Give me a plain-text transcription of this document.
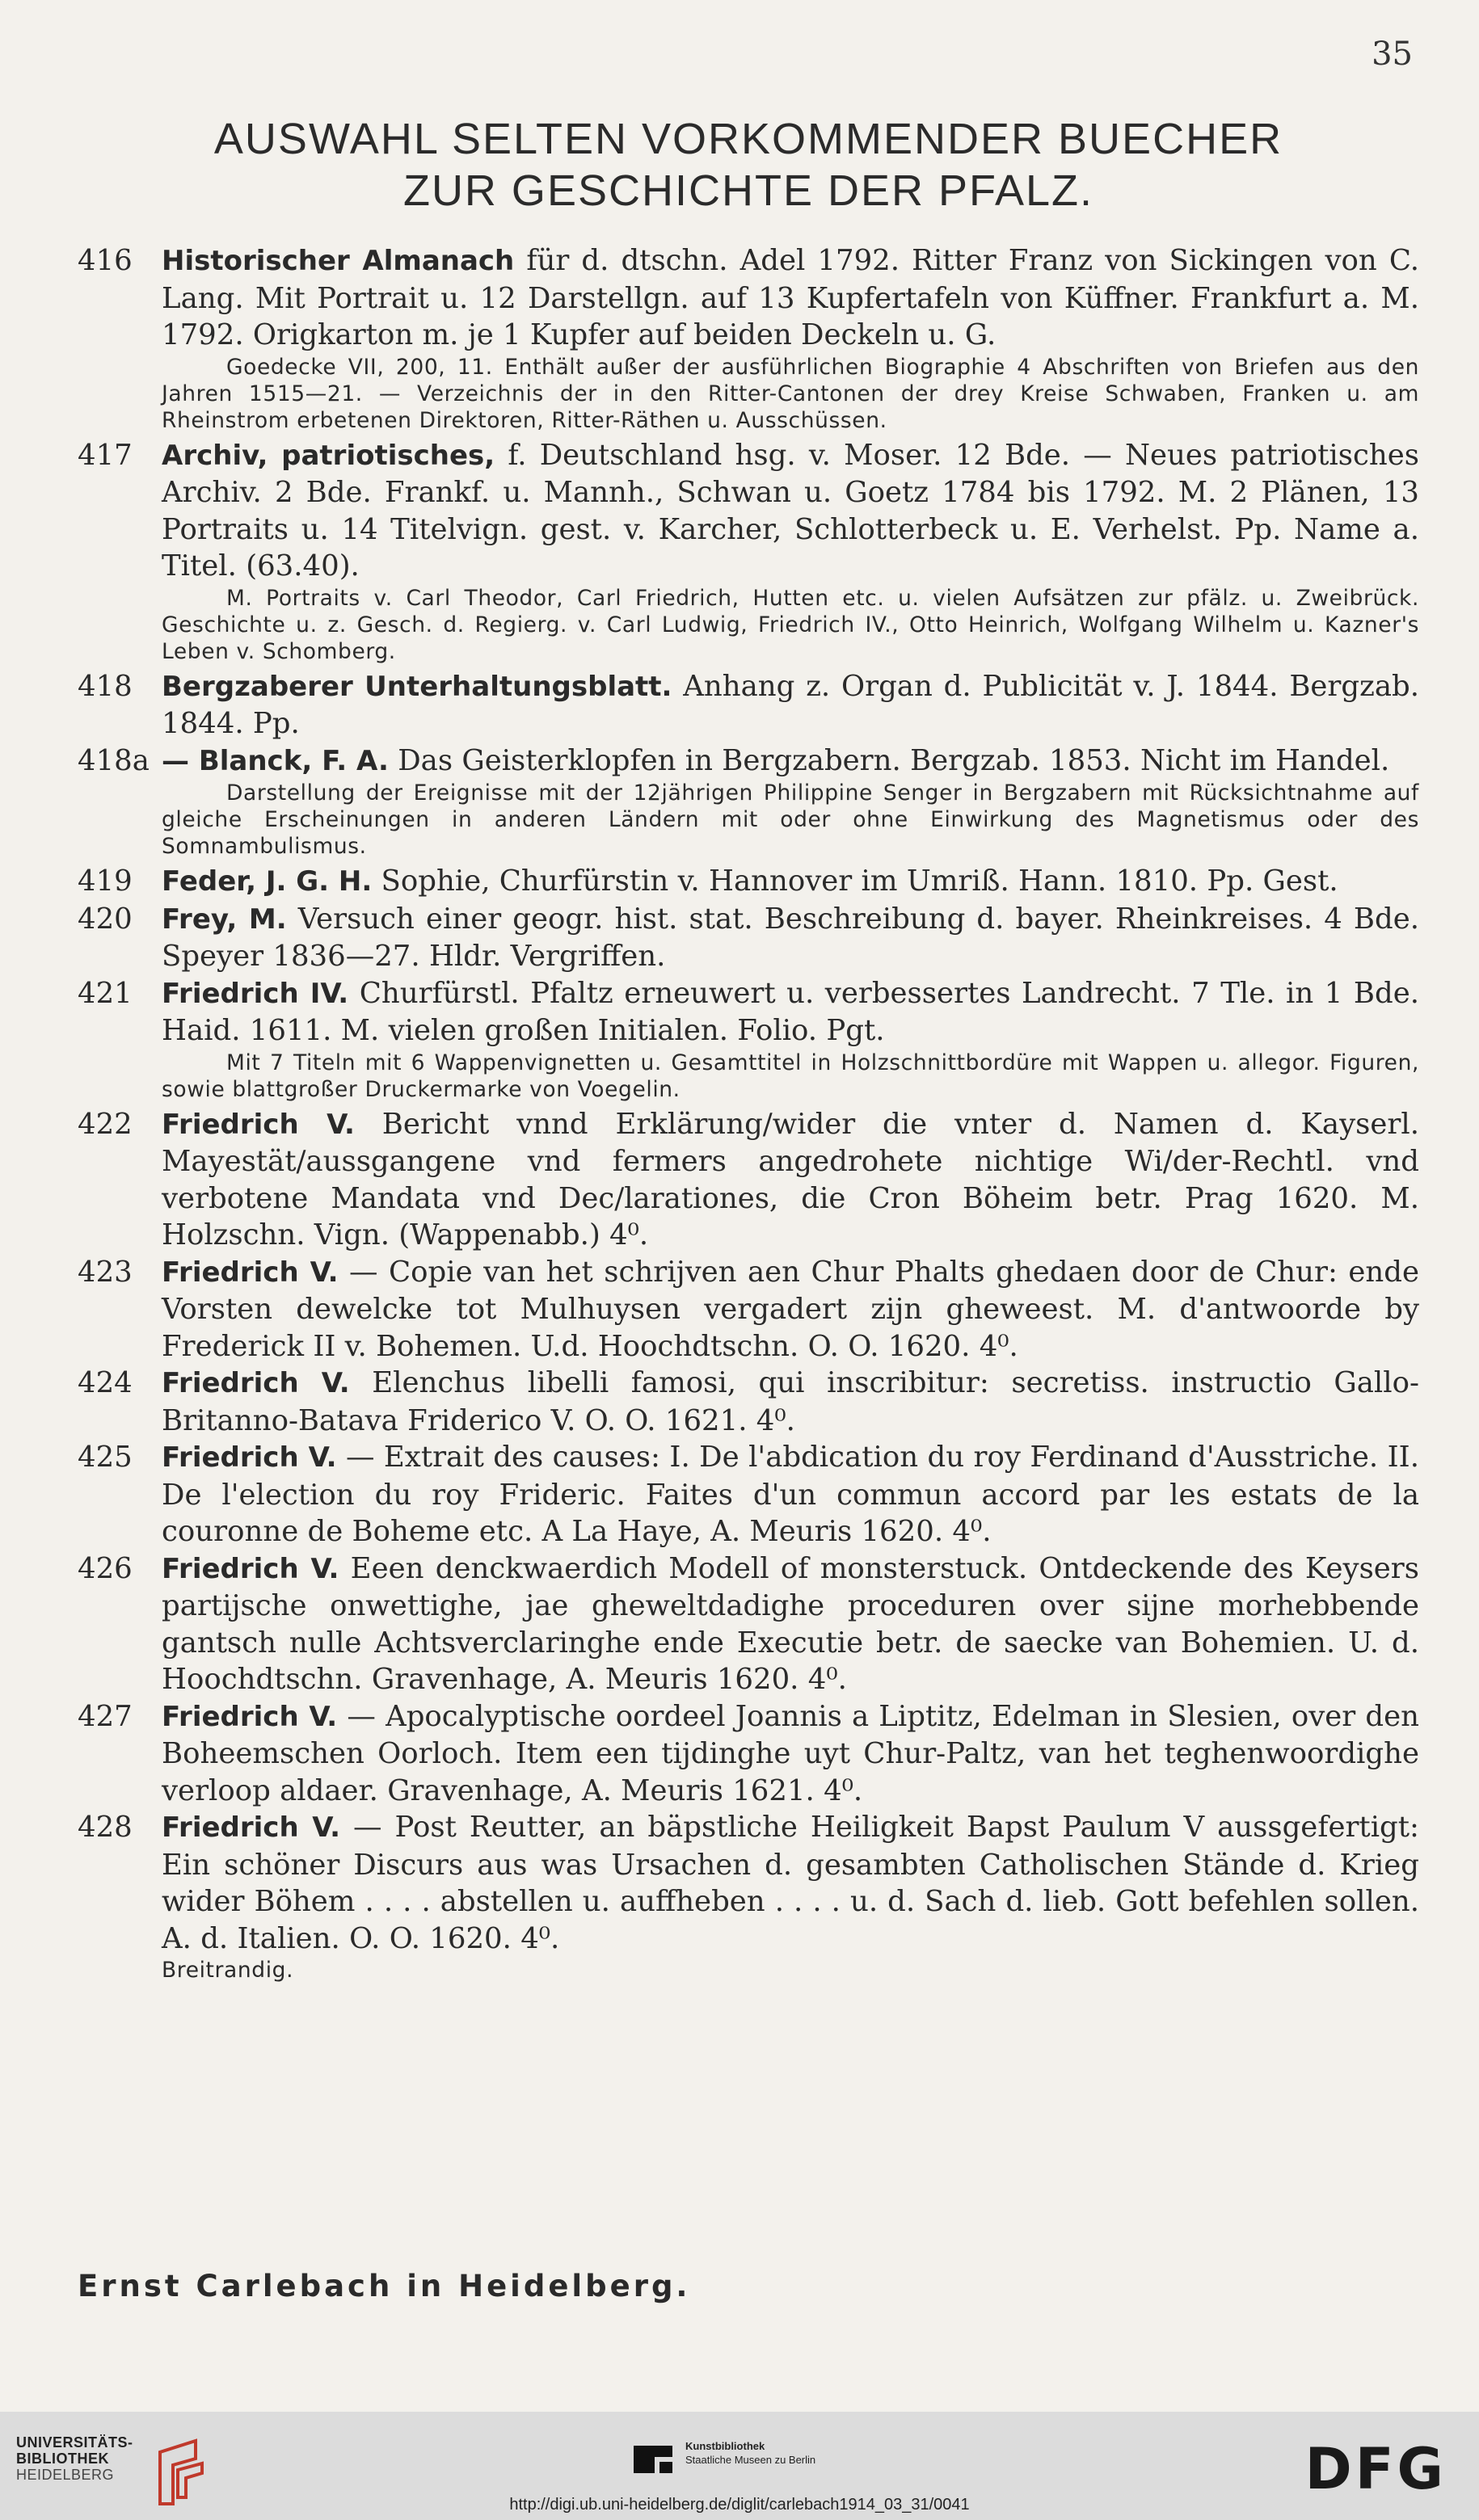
35
AUSWAHL SELTEN VORKOMMENDER BUECHER
ZUR GESCHICHTE DER PFALZ.
416 Historischer Almanach für d. dtschn. Adel 1792. Ritter Franz von Sickingen von C. Lang. Mit Portrait u. 12 Darstellgn. auf 13 Kupfertafeln von Küffner. Frankfurt a. M. 1792. Origkarton m. je 1 Kupfer auf beiden Deckeln u. G.
Goedecke VII, 200, 11. Enthält außer der ausführlichen Biographie 4 Abschriften von Briefen aus den Jahren 1515—21. — Verzeichnis der in den Ritter-Cantonen der drey Kreise Schwaben, Franken u. am Rheinstrom erbetenen Direktoren, Ritter-Räthen u. Ausschüssen.
417 Archiv, patriotisches, f. Deutschland hsg. v. Moser. 12 Bde. — Neues patriotisches Archiv. 2 Bde. Frankf. u. Mannh., Schwan u. Goetz 1784 bis 1792. M. 2 Plänen, 13 Portraits u. 14 Titelvign. gest. v. Karcher, Schlotterbeck u. E. Verhelst. Pp. Name a. Titel. (63.40).
M. Portraits v. Carl Theodor, Carl Friedrich, Hutten etc. u. vielen Aufsätzen zur pfälz. u. Zweibrück. Geschichte u. z. Gesch. d. Regierg. v. Carl Ludwig, Friedrich IV., Otto Heinrich, Wolfgang Wilhelm u. Kazner's Leben v. Schomberg.
418 Bergzaberer Unterhaltungsblatt. Anhang z. Organ d. Publicität v. J. 1844. Bergzab. 1844. Pp.
418a — Blanck, F. A. Das Geisterklopfen in Bergzabern. Bergzab. 1853. Nicht im Handel.
Darstellung der Ereignisse mit der 12jährigen Philippine Senger in Bergzabern mit Rücksichtnahme auf gleiche Erscheinungen in anderen Ländern mit oder ohne Einwirkung des Magnetismus oder des Somnambulismus.
419 Feder, J. G. H. Sophie, Churfürstin v. Hannover im Umriß. Hann. 1810. Pp. Gest.
420 Frey, M. Versuch einer geogr. hist. stat. Beschreibung d. bayer. Rheinkreises. 4 Bde. Speyer 1836—27. Hldr. Vergriffen.
421 Friedrich IV. Churfürstl. Pfaltz erneuwert u. verbessertes Landrecht. 7 Tle. in 1 Bde. Haid. 1611. M. vielen großen Initialen. Folio. Pgt.
Mit 7 Titeln mit 6 Wappenvignetten u. Gesamttitel in Holzschnittbordüre mit Wappen u. allegor. Figuren, sowie blattgroßer Druckermarke von Voegelin.
422 Friedrich V. Bericht vnnd Erklärung/wider die vnter d. Namen d. Kayserl. Mayestät/aussgangene vnd fermers angedrohete nichtige Wi/der-Rechtl. vnd verbotene Mandata vnd Dec/larationes, die Cron Böheim betr. Prag 1620. M. Holzschn. Vign. (Wappenabb.) 4⁰.
423 Friedrich V. — Copie van het schrijven aen Chur Phalts ghedaen door de Chur: ende Vorsten dewelcke tot Mulhuysen vergadert zijn gheweest. M. d'antwoorde by Frederick II v. Bohemen. U.d. Hoochdtschn. O. O. 1620. 4⁰.
424 Friedrich V. Elenchus libelli famosi, qui inscribitur: secretiss. instructio Gallo-Britanno-Batava Friderico V. O. O. 1621. 4⁰.
425 Friedrich V. — Extrait des causes: I. De l'abdication du roy Ferdinand d'Ausstriche. II. De l'election du roy Frideric. Faites d'un commun accord par les estats de la couronne de Boheme etc. A La Haye, A. Meuris 1620. 4⁰.
426 Friedrich V. Eeen denckwaerdich Modell of monsterstuck. Ontdeckende des Keysers partijsche onwettighe, jae gheweltdadighe proceduren over sijne morhebbende gantsch nulle Achtsverclaringhe ende Executie betr. de saecke van Bohemien. U. d. Hoochdtschn. Gravenhage, A. Meuris 1620. 4⁰.
427 Friedrich V. — Apocalyptische oordeel Joannis a Liptitz, Edelman in Slesien, over den Boheemschen Oorloch. Item een tijdinghe uyt Chur-Paltz, van het teghenwoordighe verloop aldaer. Gravenhage, A. Meuris 1621. 4⁰.
428 Friedrich V. — Post Reutter, an bäpstliche Heiligkeit Bapst Paulum V aussgefertigt: Ein schöner Discurs aus was Ursachen d. gesambten Catholischen Stände d. Krieg wider Böhem . . . . abstellen u. auffheben . . . . u. d. Sach d. lieb. Gott befehlen sollen. A. d. Italien. O. O. 1620. 4⁰.
Breitrandig.
Ernst Carlebach in Heidelberg.
UNIVERSITÄTS-
BIBLIOTHEK
HEIDELBERG
Kunstbibliothek
Staatliche Museen zu Berlin	DFG
http://digi.ub.uni-heidelberg.de/diglit/carlebach1914_03_31/0041
